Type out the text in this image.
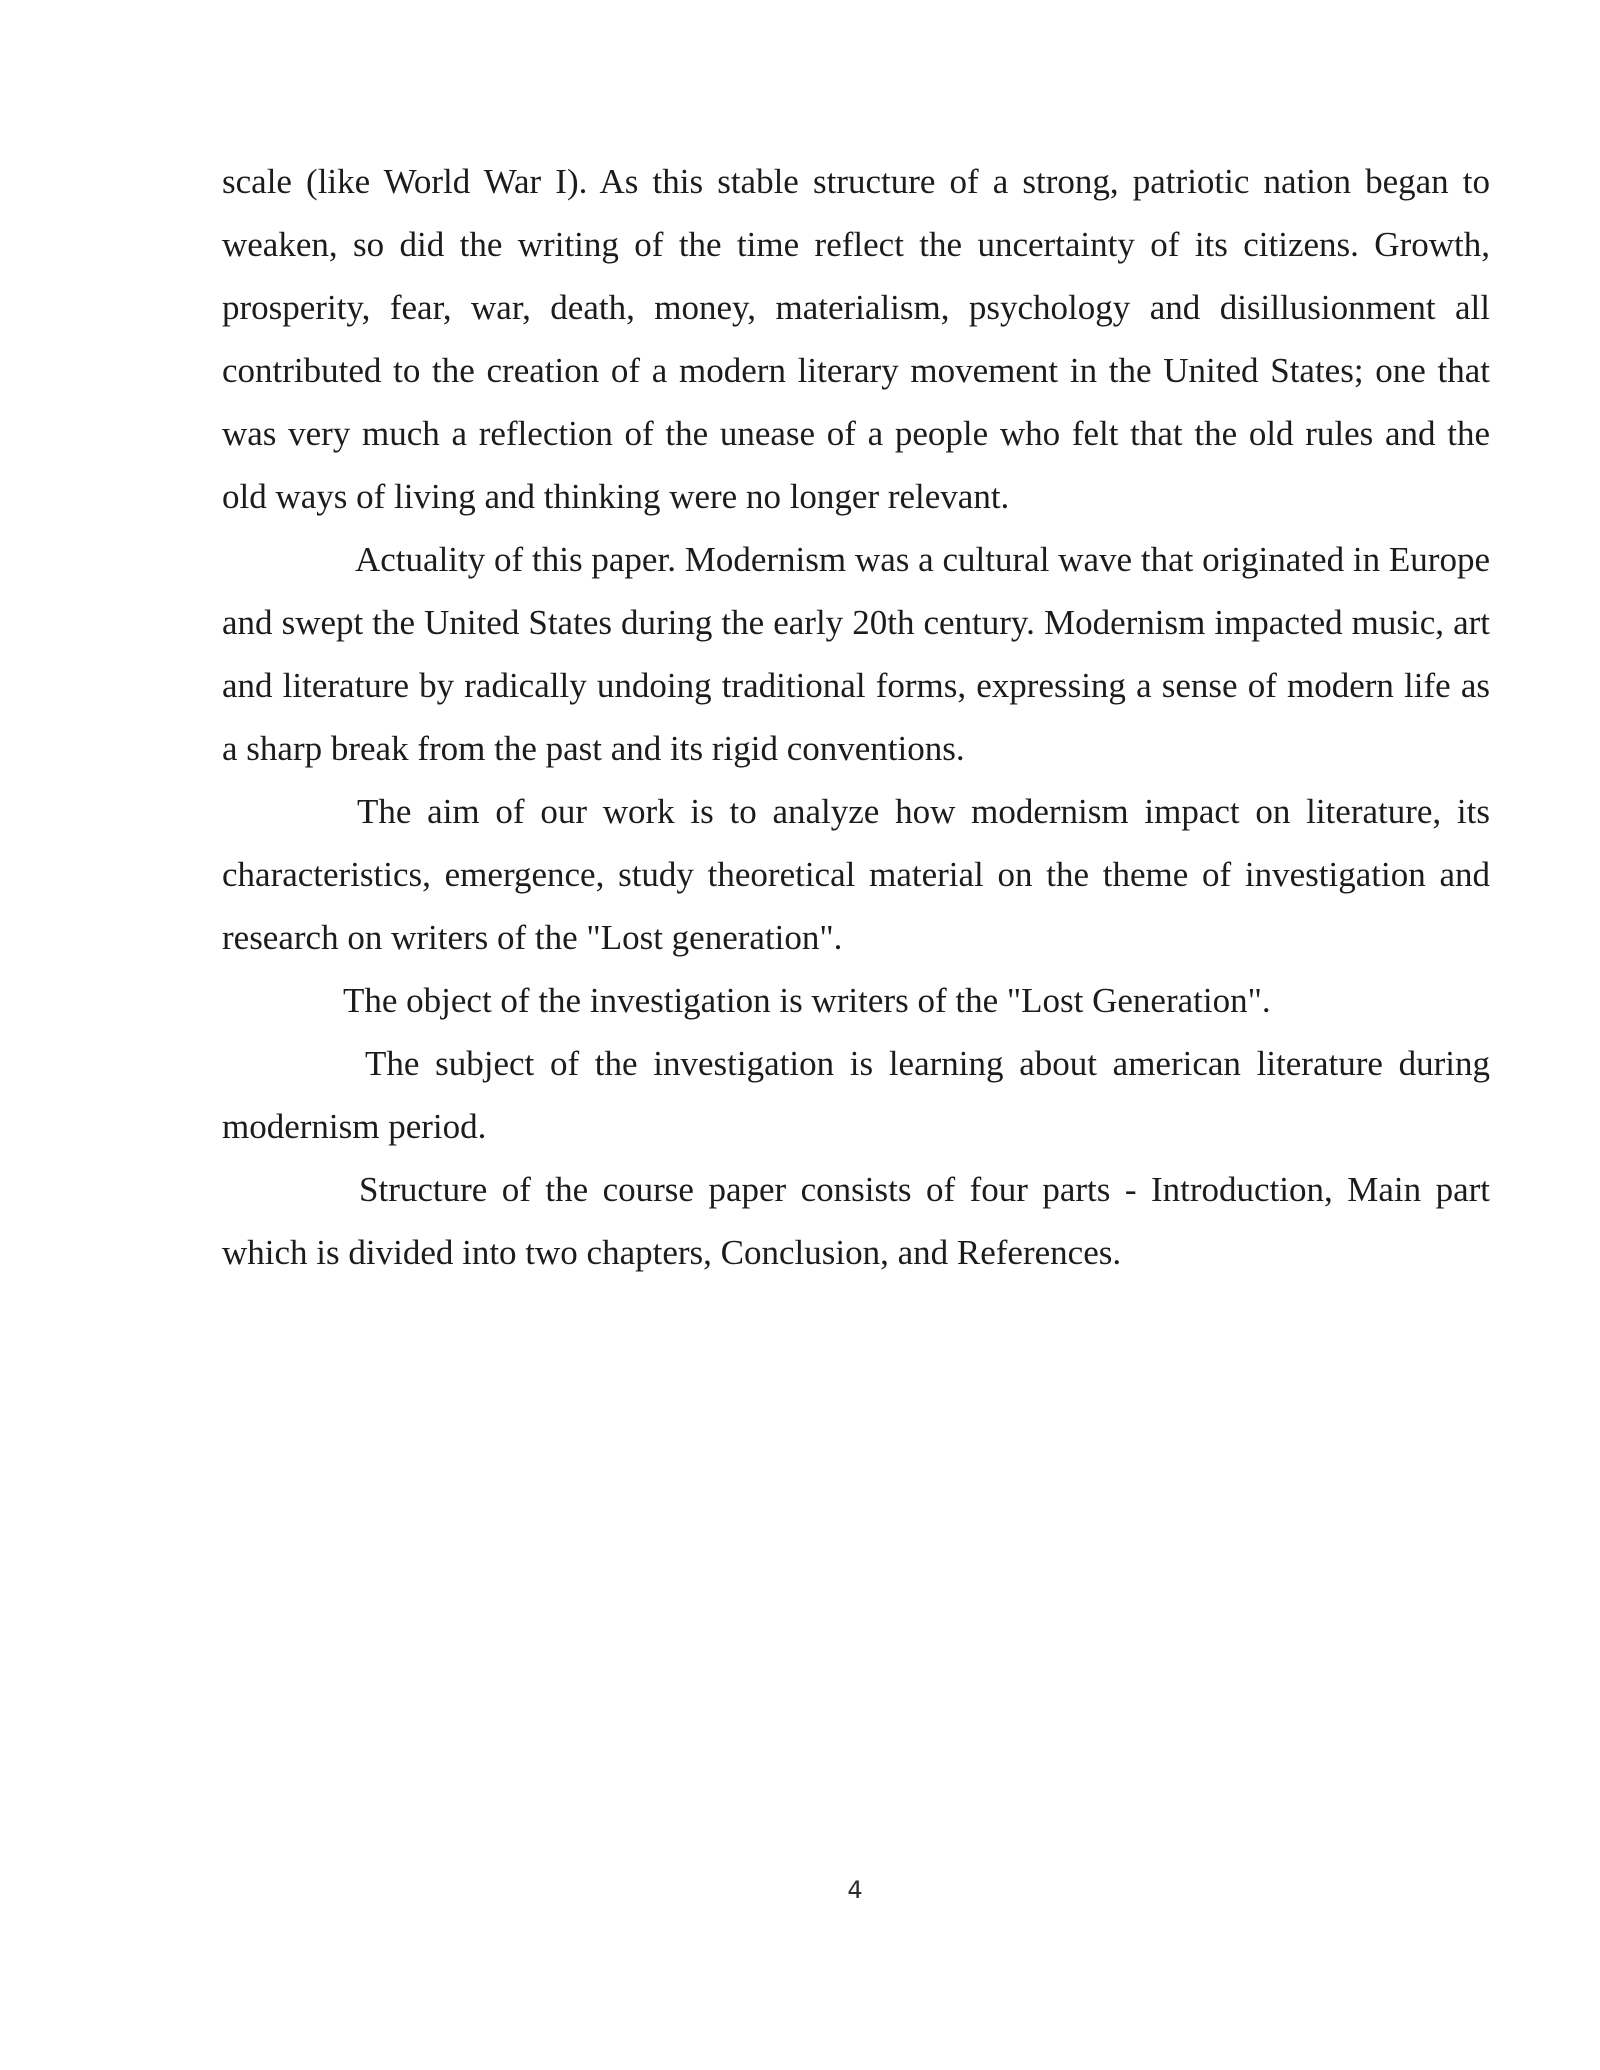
scale (like World War I). As this stable structure of a strong, patriotic nation began to weaken, so did the writing of the time reflect the uncertainty of its citizens. Growth, prosperity, fear, war, death, money, materialism, psychology and disillusionment all contributed to the creation of a modern literary movement in the United States; one that was very much a reflection of the unease of a people who felt that the old rules and the old ways of living and thinking were no longer relevant.

Actuality of this paper. Modernism was a cultural wave that originated in Europe and swept the United States during the early 20th century. Modernism impacted music, art and literature by radically undoing traditional forms, expressing a sense of modern life as a sharp break from the past and its rigid conventions.

The aim of our work is to analyze how modernism impact on literature, its characteristics, emergence, study theoretical material on the theme of investigation and research on writers of the "Lost generation".

The object of the investigation is writers of the "Lost Generation".

The subject of the investigation is learning about american literature during modernism period.

Structure of the course paper consists of four parts - Introduction, Main part which is divided into two chapters, Conclusion, and References.

4
